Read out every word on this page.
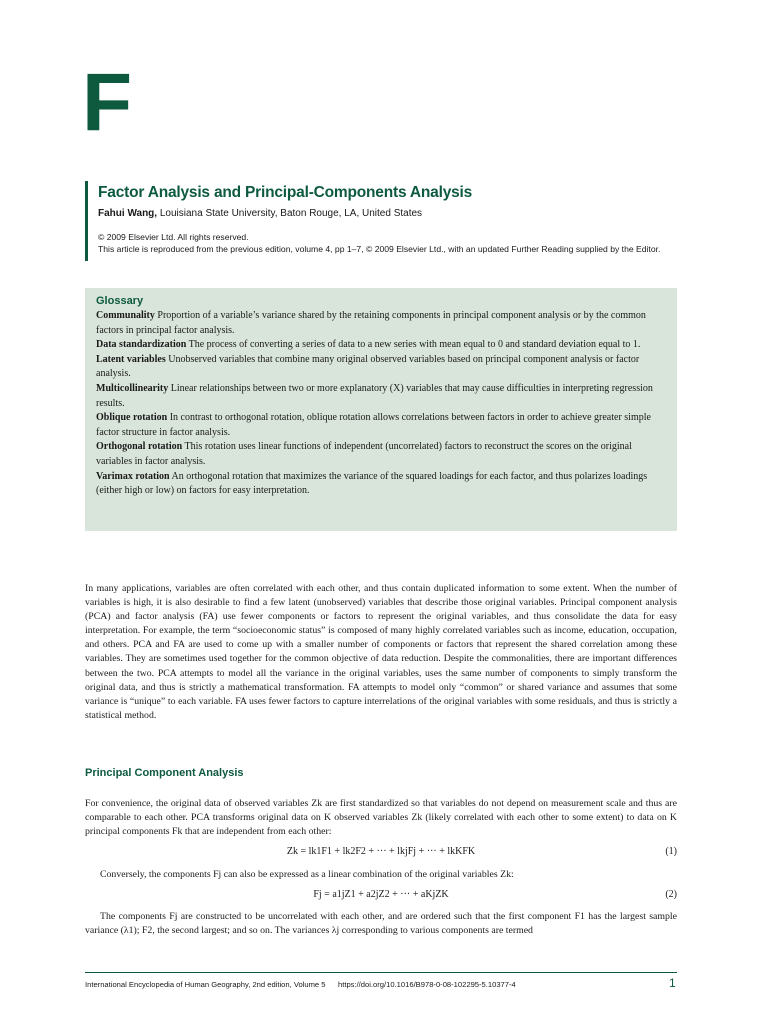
F
Factor Analysis and Principal-Components Analysis
Fahui Wang, Louisiana State University, Baton Rouge, LA, United States
© 2009 Elsevier Ltd. All rights reserved.
This article is reproduced from the previous edition, volume 4, pp 1–7, © 2009 Elsevier Ltd., with an updated Further Reading supplied by the Editor.
Glossary
Communality Proportion of a variable’s variance shared by the retaining components in principal component analysis or by the common factors in principal factor analysis.
Data standardization The process of converting a series of data to a new series with mean equal to 0 and standard deviation equal to 1.
Latent variables Unobserved variables that combine many original observed variables based on principal component analysis or factor analysis.
Multicollinearity Linear relationships between two or more explanatory (X) variables that may cause difficulties in interpreting regression results.
Oblique rotation In contrast to orthogonal rotation, oblique rotation allows correlations between factors in order to achieve greater simple factor structure in factor analysis.
Orthogonal rotation This rotation uses linear functions of independent (uncorrelated) factors to reconstruct the scores on the original variables in factor analysis.
Varimax rotation An orthogonal rotation that maximizes the variance of the squared loadings for each factor, and thus polarizes loadings (either high or low) on factors for easy interpretation.

In many applications, variables are often correlated with each other, and thus contain duplicated information to some extent. When the number of variables is high, it is also desirable to find a few latent (unobserved) variables that describe those original variables. Principal component analysis (PCA) and factor analysis (FA) use fewer components or factors to represent the original variables, and thus consolidate the data for easy interpretation. For example, the term “socioeconomic status” is composed of many highly correlated variables such as income, education, occupation, and others. PCA and FA are used to come up with a smaller number of components or factors that represent the shared correlation among these variables. They are sometimes used together for the common objective of data reduction. Despite the commonalities, there are important differences between the two. PCA attempts to model all the variance in the original variables, uses the same number of components to simply transform the original data, and thus is strictly a mathematical transformation. FA attempts to model only “common” or shared variance and assumes that some variance is “unique” to each variable. FA uses fewer factors to capture interrelations of the original variables with some residuals, and thus is strictly a statistical method.

Principal Component Analysis

For convenience, the original data of observed variables Zk are first standardized so that variables do not depend on measurement scale and thus are comparable to each other. PCA transforms original data on K observed variables Zk (likely correlated with each other to some extent) to data on K principal components Fk that are independent from each other:

Zk = lk1F1 + lk2F2 + ··· + lkjFj + ··· + lkKFK	(1)

Conversely, the components Fj can also be expressed as a linear combination of the original variables Zk:

Fj = a1jZ1 + a2jZ2 + ··· + aKjZK	(2)

The components Fj are constructed to be uncorrelated with each other, and are ordered such that the first component F1 has the largest sample variance (λ1); F2, the second largest; and so on. The variances λj corresponding to various components are termed

International Encyclopedia of Human Geography, 2nd edition, Volume 5 https://doi.org/10.1016/B978-0-08-102295-5.10377-4	1
